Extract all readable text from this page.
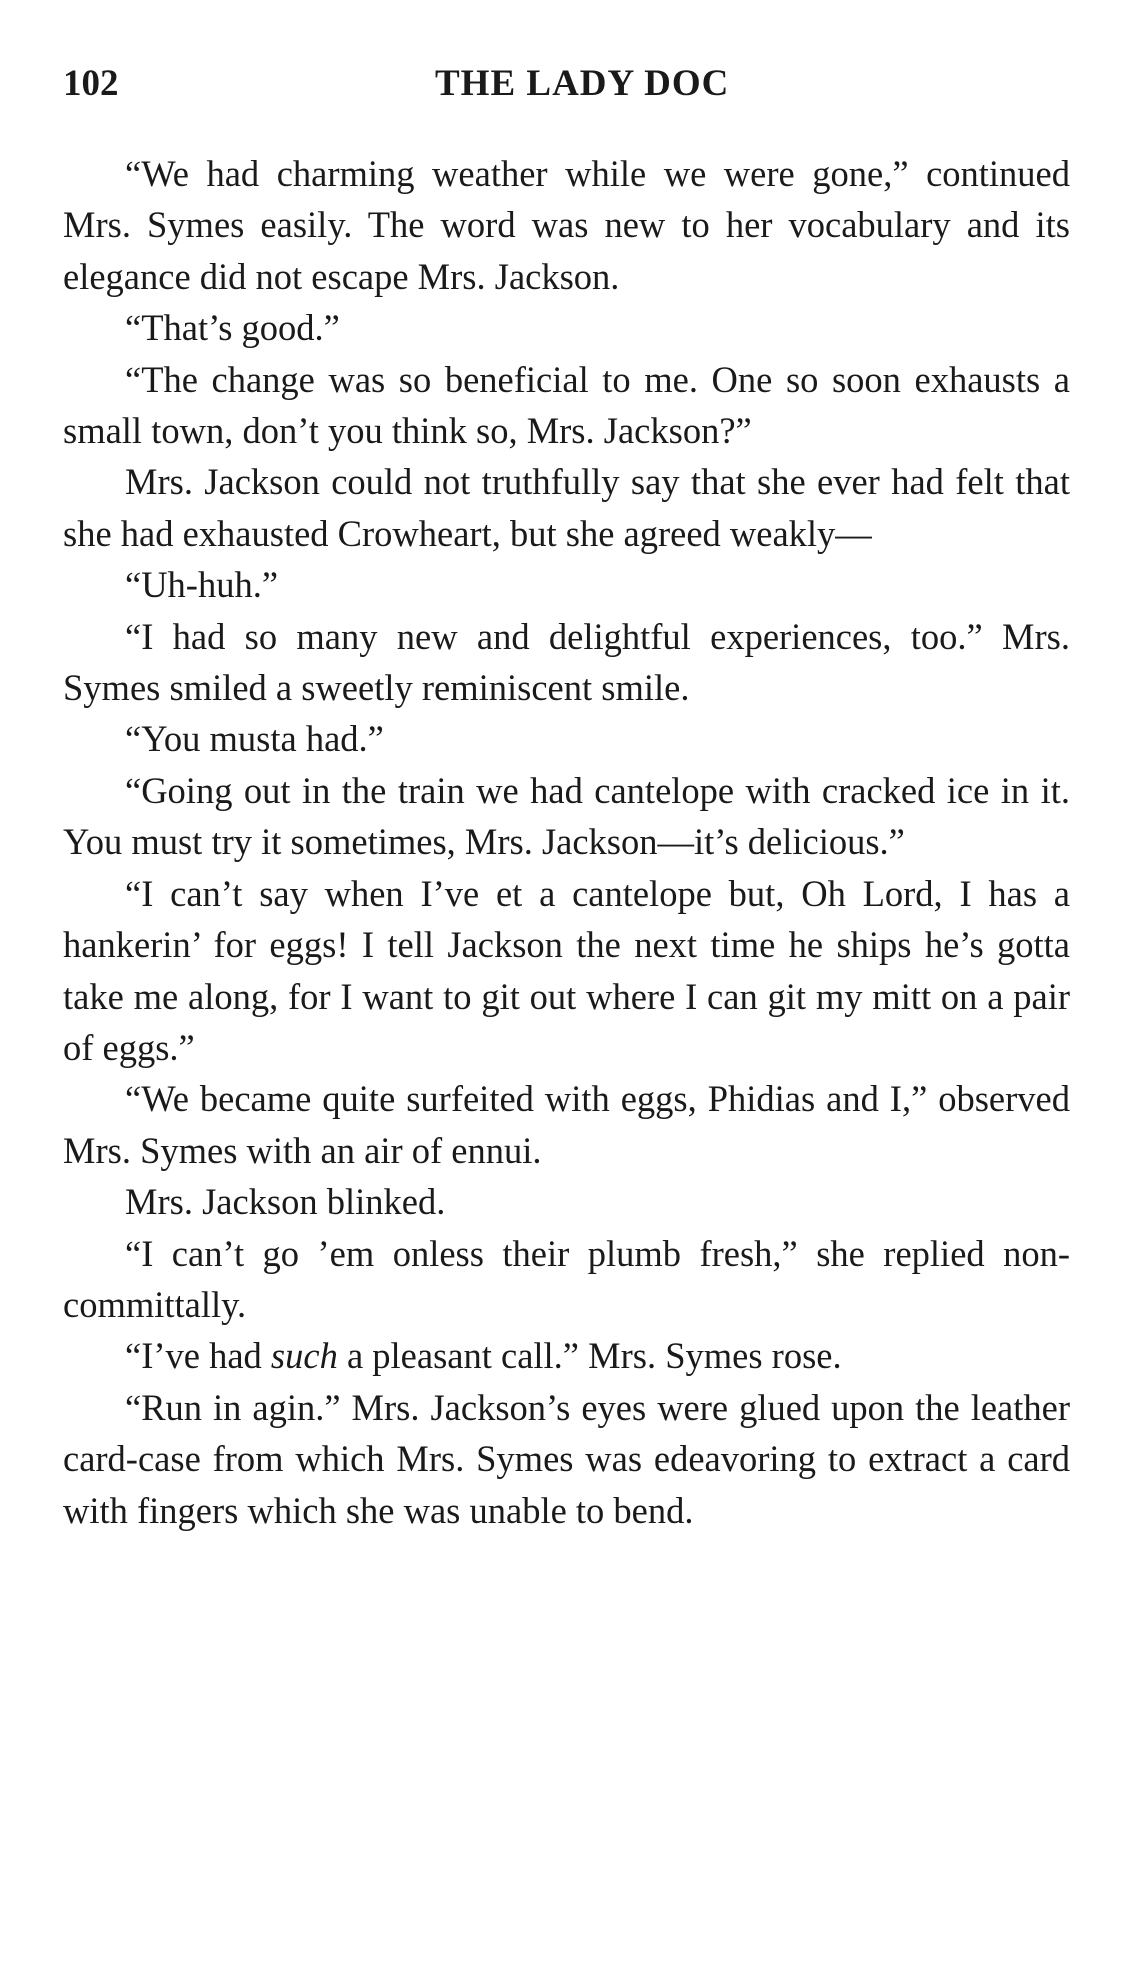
102	THE LADY DOC

“We had charming weather while we were gone,” continued Mrs. Symes easily. The word was new to her vocabulary and its elegance did not escape Mrs. Jackson.

“That’s good.”

“The change was so beneficial to me. One so soon exhausts a small town, don’t you think so, Mrs. Jackson?”

Mrs. Jackson could not truthfully say that she ever had felt that she had exhausted Crowheart, but she agreed weakly—

“Uh-huh.”

“I had so many new and delightful experiences, too.” Mrs. Symes smiled a sweetly reminiscent smile.

“You musta had.”

“Going out in the train we had cantelope with cracked ice in it. You must try it sometimes, Mrs. Jackson—it’s delicious.”

“I can’t say when I’ve et a cantelope but, Oh Lord, I has a hankerin’ for eggs! I tell Jackson the next time he ships he’s gotta take me along, for I want to git out where I can git my mitt on a pair of eggs.”

“We became quite surfeited with eggs, Phidias and I,” observed Mrs. Symes with an air of ennui.

Mrs. Jackson blinked.

“I can’t go ’em onless their plumb fresh,” she replied non-committally.

“I’ve had such a pleasant call.” Mrs. Symes rose.

“Run in agin.” Mrs. Jackson’s eyes were glued upon the leather card-case from which Mrs. Symes was edeavoring to extract a card with fingers which she was unable to bend.
